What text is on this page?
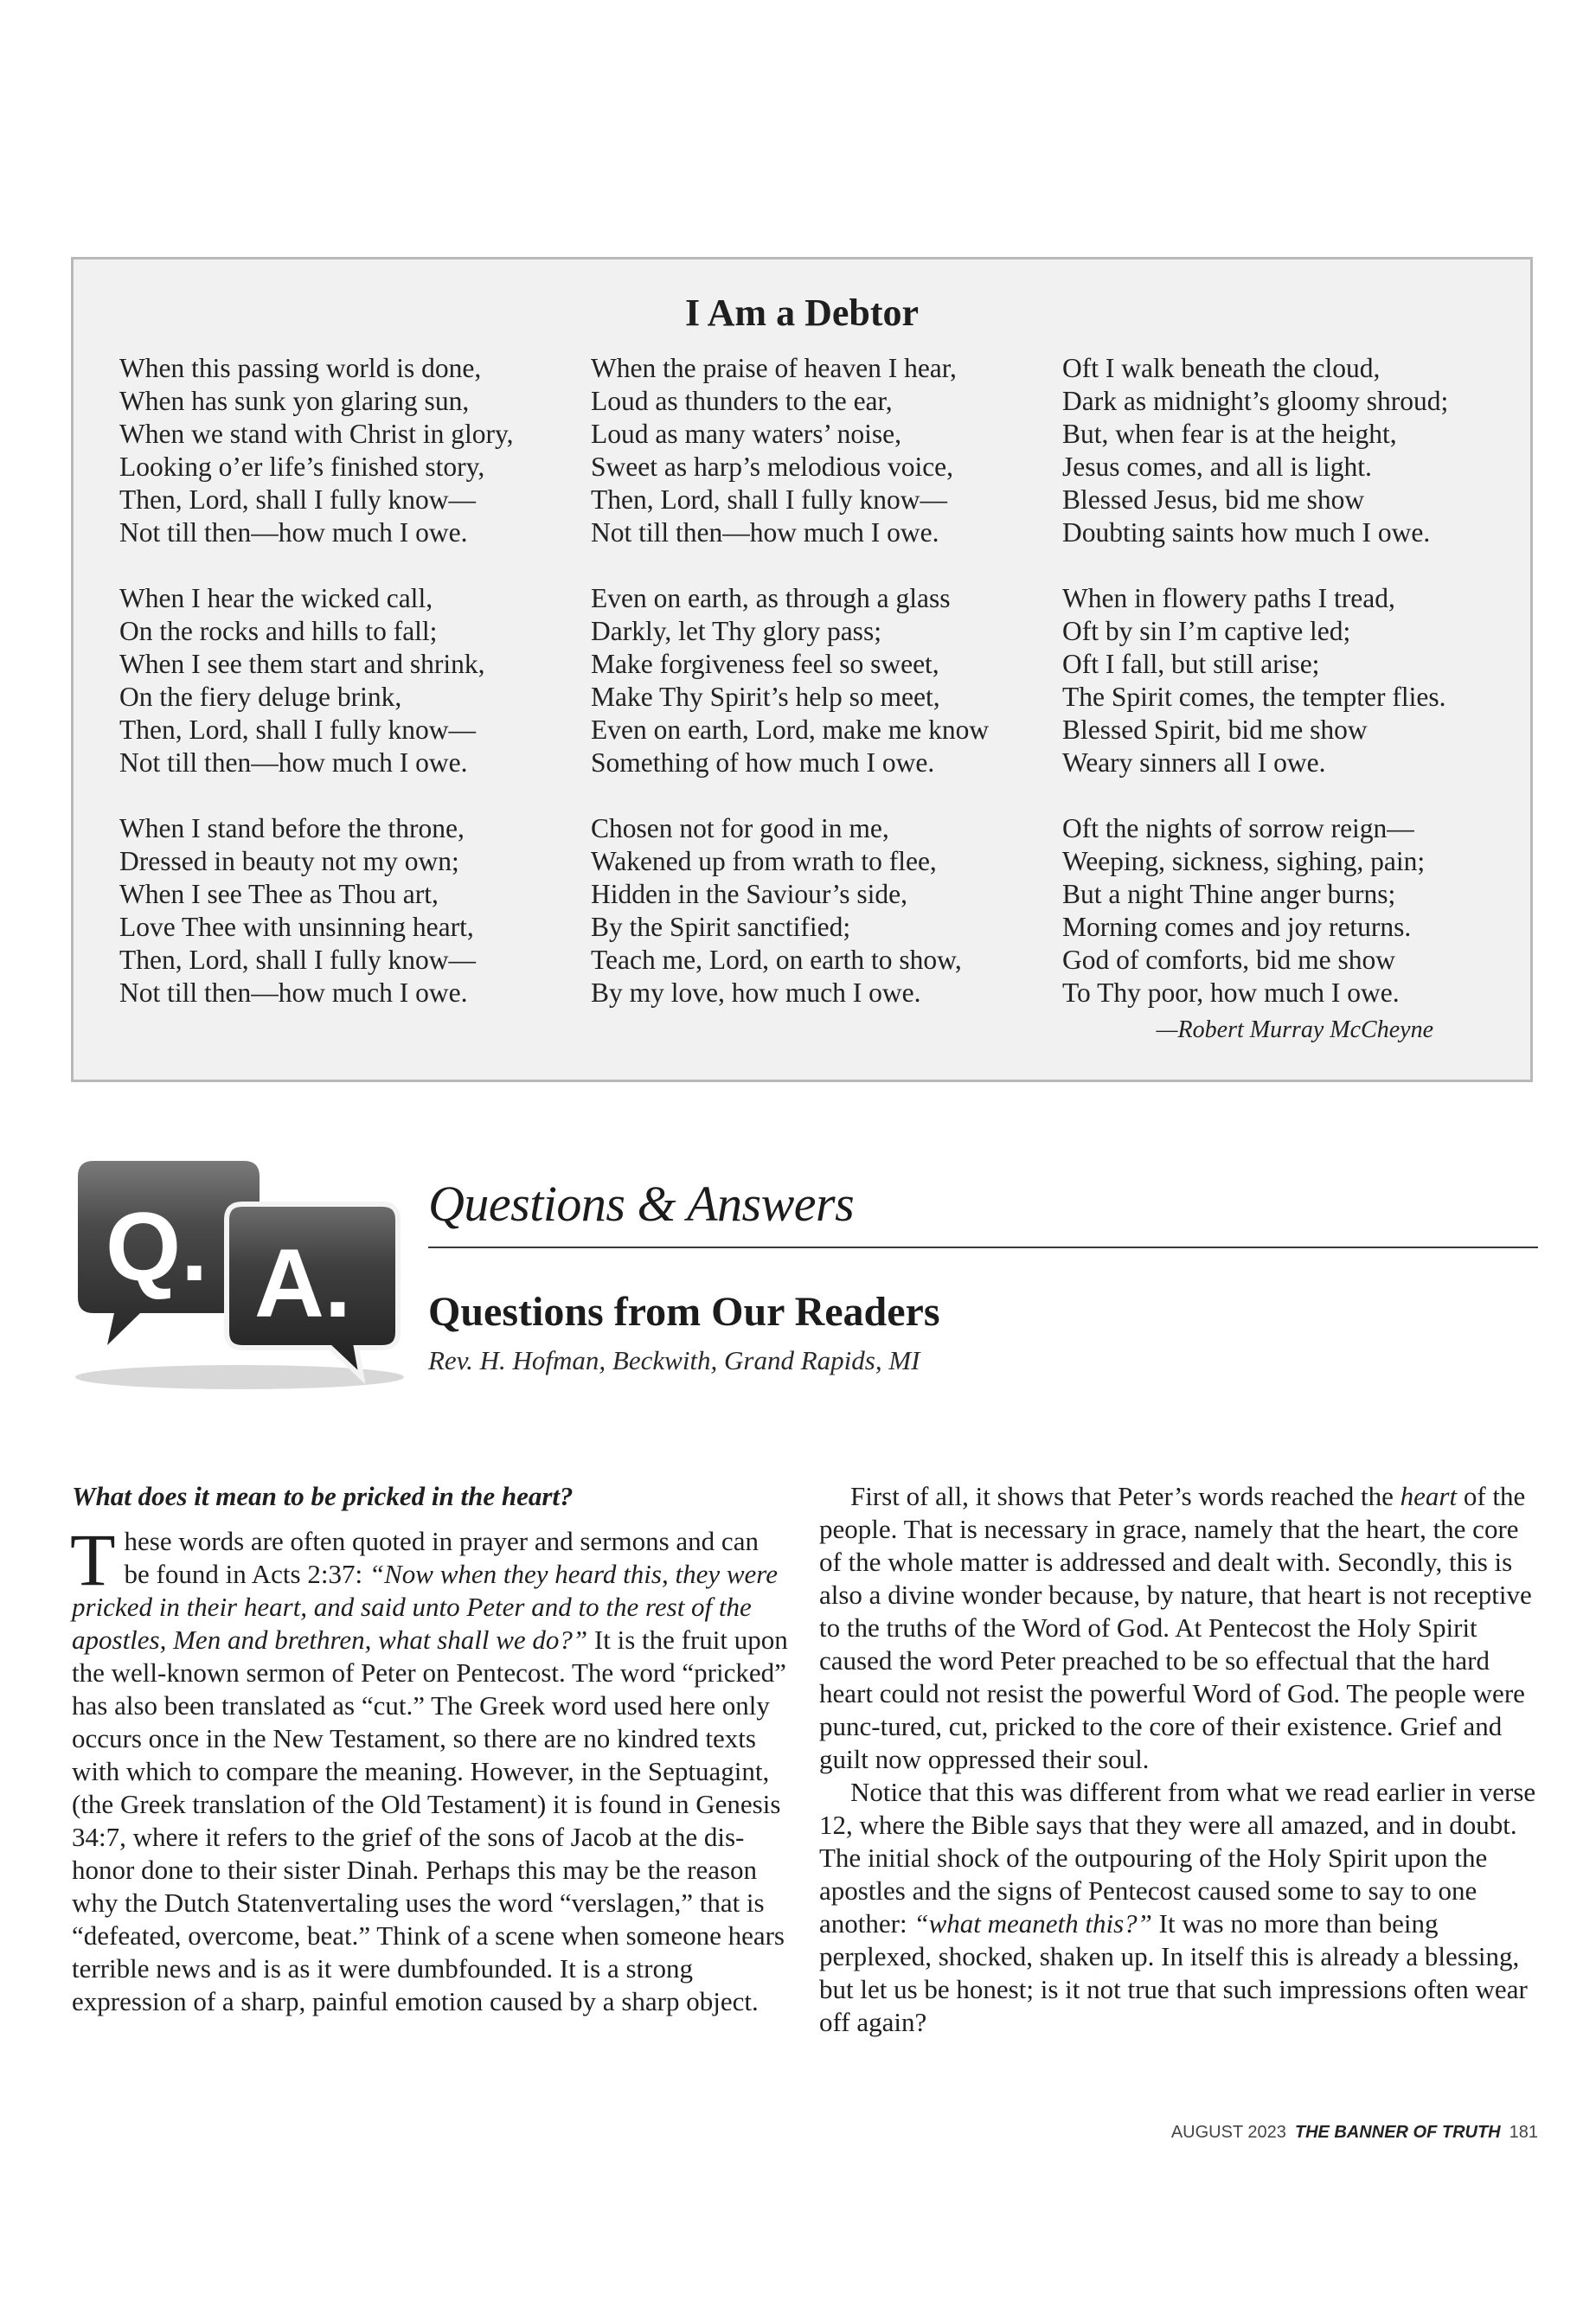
I Am a Debtor
When this passing world is done,
When has sunk yon glaring sun,
When we stand with Christ in glory,
Looking o’er life’s finished story,
Then, Lord, shall I fully know—
Not till then—how much I owe.
When I hear the wicked call,
On the rocks and hills to fall;
When I see them start and shrink,
On the fiery deluge brink,
Then, Lord, shall I fully know—
Not till then—how much I owe.
When I stand before the throne,
Dressed in beauty not my own;
When I see Thee as Thou art,
Love Thee with unsinning heart,
Then, Lord, shall I fully know—
Not till then—how much I owe.
When the praise of heaven I hear,
Loud as thunders to the ear,
Loud as many waters’ noise,
Sweet as harp’s melodious voice,
Then, Lord, shall I fully know—
Not till then—how much I owe.
Even on earth, as through a glass
Darkly, let Thy glory pass;
Make forgiveness feel so sweet,
Make Thy Spirit’s help so meet,
Even on earth, Lord, make me know
Something of how much I owe.
Chosen not for good in me,
Wakened up from wrath to flee,
Hidden in the Saviour’s side,
By the Spirit sanctified;
Teach me, Lord, on earth to show,
By my love, how much I owe.
Oft I walk beneath the cloud,
Dark as midnight’s gloomy shroud;
But, when fear is at the height,
Jesus comes, and all is light.
Blessed Jesus, bid me show
Doubting saints how much I owe.
When in flowery paths I tread,
Oft by sin I’m captive led;
Oft I fall, but still arise;
The Spirit comes, the tempter flies.
Blessed Spirit, bid me show
Weary sinners all I owe.
Oft the nights of sorrow reign—
Weeping, sickness, sighing, pain;
But a night Thine anger burns;
Morning comes and joy returns.
God of comforts, bid me show
To Thy poor, how much I owe.
—Robert Murray McCheyne
Q. A.
Questions & Answers
Questions from Our Readers
Rev. H. Hofman, Beckwith, Grand Rapids, MI
What does it mean to be pricked in the heart?

These words are often quoted in prayer and sermons and can be found in Acts 2:37: “Now when they heard this, they were pricked in their heart, and said unto Peter and to the rest of the apostles, Men and brethren, what shall we do?” It is the fruit upon the well-known sermon of Peter on Pentecost. The word “pricked” has also been translated as “cut.” The Greek word used here only occurs once in the New Testament, so there are no kindred texts with which to compare the meaning. However, in the Septuagint, (the Greek translation of the Old Testament) it is found in Genesis 34:7, where it refers to the grief of the sons of Jacob at the dis-honor done to their sister Dinah. Perhaps this may be the reason why the Dutch Statenvertaling uses the word “verslagen,” that is “defeated, overcome, beat.” Think of a scene when someone hears terrible news and is as it were dumbfounded. It is a strong expression of a sharp, painful emotion caused by a sharp object.

First of all, it shows that Peter’s words reached the heart of the people. That is necessary in grace, namely that the heart, the core of the whole matter is addressed and dealt with. Secondly, this is also a divine wonder because, by nature, that heart is not receptive to the truths of the Word of God. At Pentecost the Holy Spirit caused the word Peter preached to be so effectual that the hard heart could not resist the powerful Word of God. The people were punc-tured, cut, pricked to the core of their existence. Grief and guilt now oppressed their soul.

Notice that this was different from what we read earlier in verse 12, where the Bible says that they were all amazed, and in doubt. The initial shock of the outpouring of the Holy Spirit upon the apostles and the signs of Pentecost caused some to say to one another: “what meaneth this?” It was no more than being perplexed, shocked, shaken up. In itself this is already a blessing, but let us be honest; is it not true that such impressions often wear off again?

AUGUST 2023 THE BANNER OF TRUTH 181
